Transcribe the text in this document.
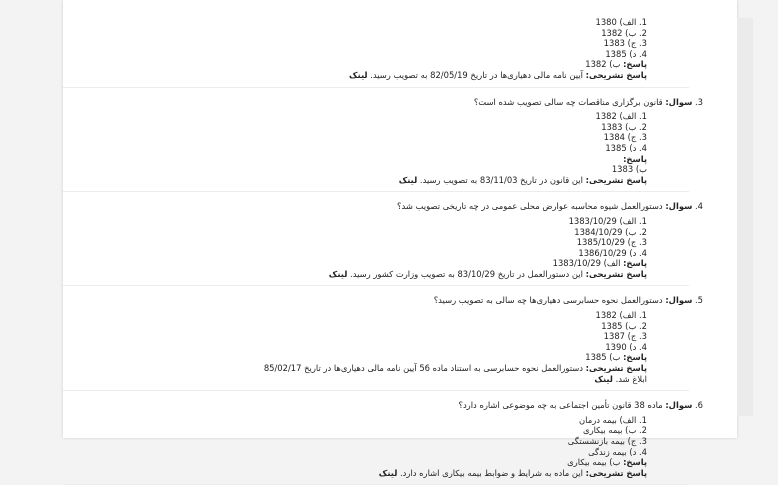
1. الف) 1380
2. ب) 1382
3. ج) 1383
4. د) 1385
پاسخ: ب) 1382
پاسخ تشریحی: آیین نامه مالی دهیاری‌ها در تاریخ 82/05/19 به تصویب رسید. لینک
3. سوال: قانون برگزاری مناقصات چه سالی تصویب شده است؟
1. الف) 1382
2. ب) 1383
3. ج) 1384
4. د) 1385
پاسخ:
ب) 1383
پاسخ تشریحی: این قانون در تاریخ 83/11/03 به تصویب رسید. لینک
4. سوال: دستورالعمل شیوه محاسبه عوارض محلی عمومی در چه تاریخی تصویب شد؟
1. الف) 1383/10/29
2. ب) 1384/10/29
3. ج) 1385/10/29
4. د) 1386/10/29
پاسخ: الف) 1383/10/29
پاسخ تشریحی: این دستورالعمل در تاریخ 83/10/29 به تصویب وزارت کشور رسید. لینک
5. سوال: دستورالعمل نحوه حسابرسی دهیاری‌ها چه سالی به تصویب رسید؟
1. الف) 1382
2. ب) 1385
3. ج) 1387
4. د) 1390
پاسخ: ب) 1385
پاسخ تشریحی: دستورالعمل نحوه حسابرسی به استناد ماده 56 آیین نامه مالی دهیاری‌ها در تاریخ 85/02/17
ابلاغ شد. لینک
6. سوال: ماده 38 قانون تأمین اجتماعی به چه موضوعی اشاره دارد؟
1. الف) بیمه درمان
2. ب) بیمه بیکاری
3. ج) بیمه بازنشستگی
4. د) بیمه زندگی
پاسخ: ب) بیمه بیکاری
پاسخ تشریحی: این ماده به شرایط و ضوابط بیمه بیکاری اشاره دارد. لینک
